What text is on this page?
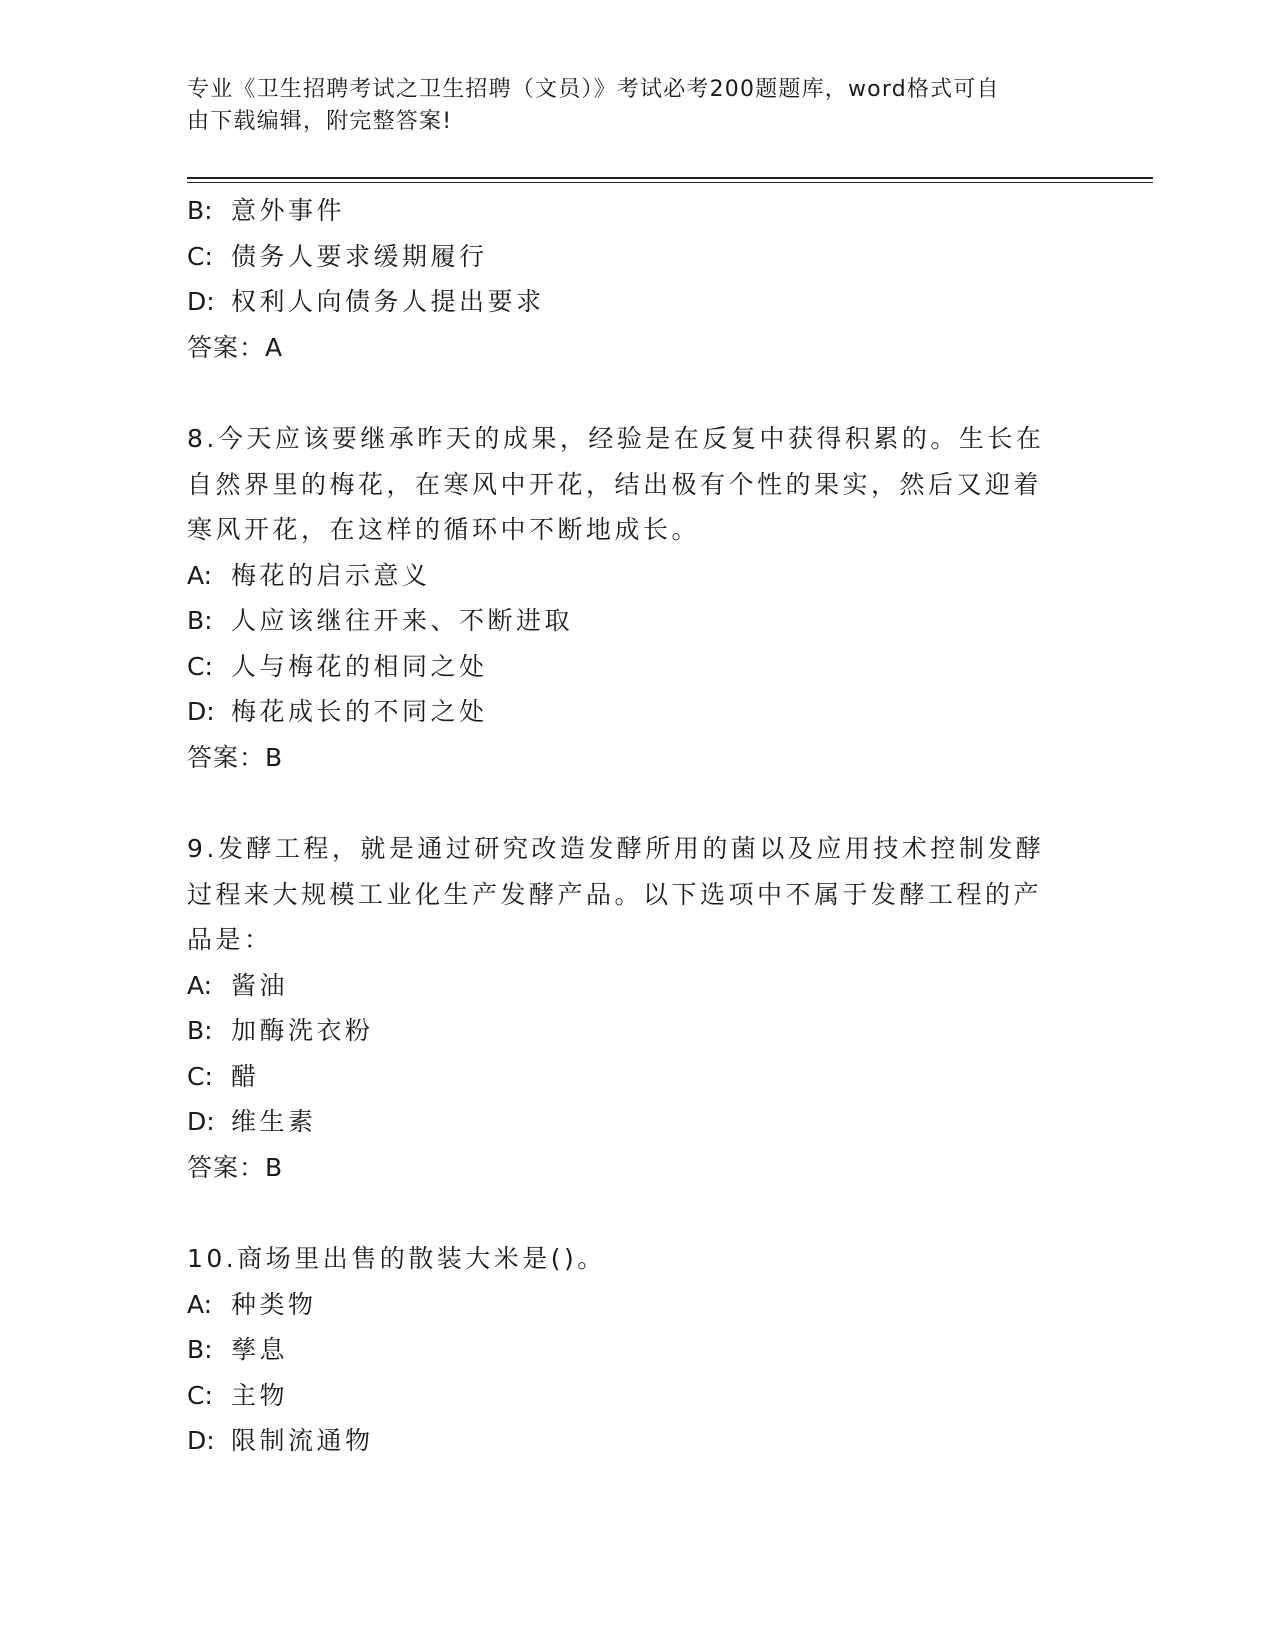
专业《卫生招聘考试之卫生招聘（文员）》考试必考200题题库，word格式可自
由下载编辑，附完整答案!

B: 意外事件

C: 债务人要求缓期履行

D: 权利人向债务人提出要求

答案：A

8.今天应该要继承昨天的成果，经验是在反复中获得积累的。生长在

自然界里的梅花，在寒风中开花，结出极有个性的果实，然后又迎着

寒风开花，在这样的循环中不断地成长。

A: 梅花的启示意义

B: 人应该继往开来、不断进取

C: 人与梅花的相同之处

D: 梅花成长的不同之处

答案：B

9.发酵工程，就是通过研究改造发酵所用的菌以及应用技术控制发酵

过程来大规模工业化生产发酵产品。以下选项中不属于发酵工程的产

品是：

A: 酱油

B: 加酶洗衣粉

C: 醋

D: 维生素

答案：B

10.商场里出售的散装大米是()。

A: 种类物

B: 孳息

C: 主物

D: 限制流通物
